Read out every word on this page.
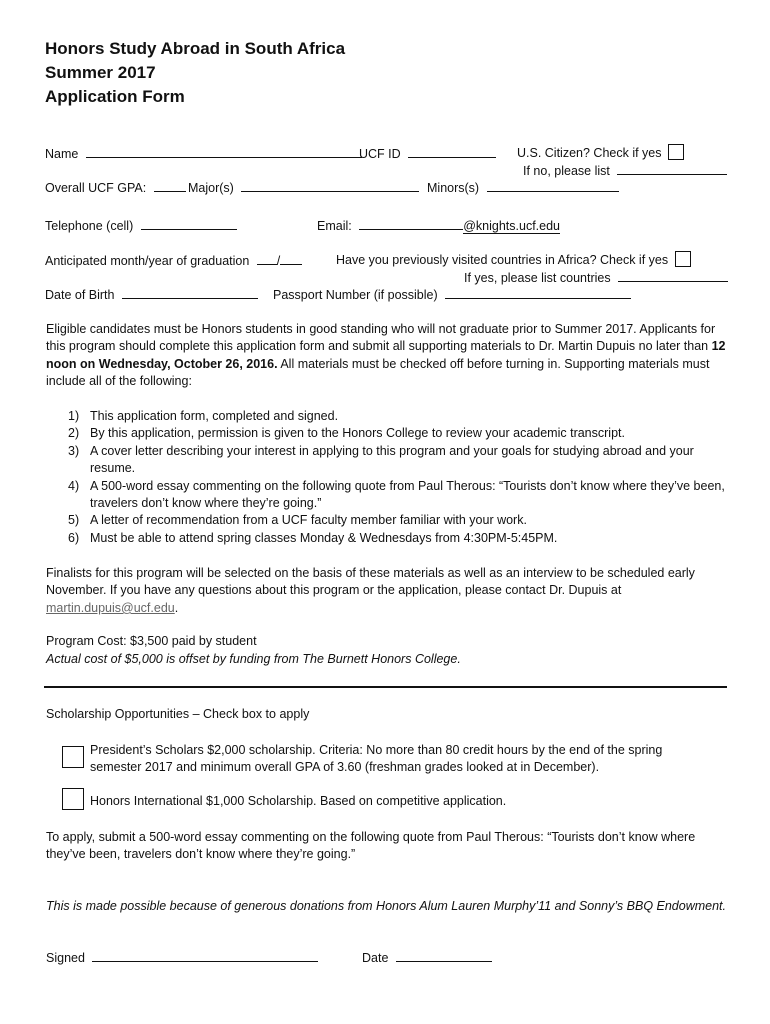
Honors Study Abroad in South Africa
Summer 2017
Application Form
Name	UCF ID	U.S. Citizen? Check if yes
If no, please list
Overall UCF GPA:	Major(s)	Minors(s)
Telephone (cell)	Email:	@knights.ucf.edu
Anticipated month/year of graduation /	Have you previously visited countries in Africa? Check if yes
If yes, please list countries
Date of Birth	Passport Number (if possible)
Eligible candidates must be Honors students in good standing who will not graduate prior to Summer 2017. Applicants for this program should complete this application form and submit all supporting materials to Dr. Martin Dupuis no later than 12 noon on Wednesday, October 26, 2016. All materials must be checked off before turning in. Supporting materials must include all of the following:
1) This application form, completed and signed.
2) By this application, permission is given to the Honors College to review your academic transcript.
3) A cover letter describing your interest in applying to this program and your goals for studying abroad and your resume.
4) A 500-word essay commenting on the following quote from Paul Therous: “Tourists don’t know where they’ve been, travelers don’t know where they’re going.”
5) A letter of recommendation from a UCF faculty member familiar with your work.
6) Must be able to attend spring classes Monday & Wednesdays from 4:30PM-5:45PM.
Finalists for this program will be selected on the basis of these materials as well as an interview to be scheduled early November. If you have any questions about this program or the application, please contact Dr. Dupuis at martin.dupuis@ucf.edu.
Program Cost: $3,500 paid by student
Actual cost of $5,000 is offset by funding from The Burnett Honors College.
Scholarship Opportunities – Check box to apply
President’s Scholars $2,000 scholarship. Criteria: No more than 80 credit hours by the end of the spring semester 2017 and minimum overall GPA of 3.60 (freshman grades looked at in December).
Honors International $1,000 Scholarship. Based on competitive application.
To apply, submit a 500-word essay commenting on the following quote from Paul Therous: “Tourists don’t know where they’ve been, travelers don’t know where they’re going.”
This is made possible because of generous donations from Honors Alum Lauren Murphy’11 and Sonny’s BBQ Endowment.
Signed	Date
